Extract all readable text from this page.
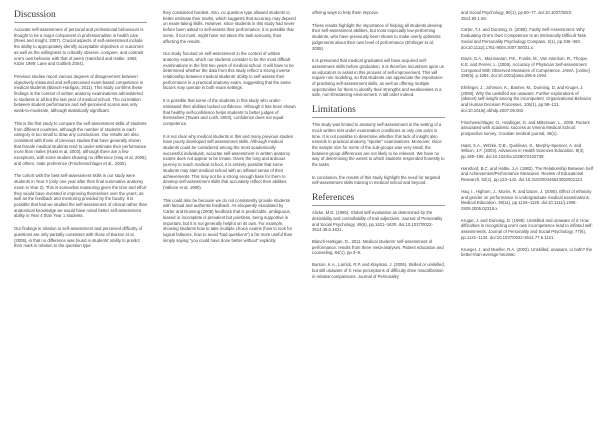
Discussion

Accurate self-assessment of personal and professional behaviours is thought to be a major component in professionalism in health care (Rees and Knight, 2007). Crucial aspects of self-assessment include the ability to appropriately identify acceptable objectives or outcomes as well as the willingness to critically observe, compare, and contrast one’s own behavior with that of peers (Hansford and Hattie, 1982; Kitzie 1989; Lane and Gottlieb 2004).

Previous studies report various degrees of disagreement between objectively measured and self-perceived exam-based competence in medical students (Blanch-Hartigan, 2011). This study confirms these findings in the context of written anatomy examinations administered to students in all but the last year of medical school. The correlation between student performance and self-perceived scores was only weak-to-moderate, although statistically significant.

This is the first study to compare the self-assessment skills of students from different countries, although the number of students in each category is too small to draw any conclusions. Our results are also consistent with those of previous studies that have generally shown that female medical students tend to under-estimate their performance more than males (Haist et al, 2003), although there are a few exceptions, with some studies showing no difference (Haq et al, 2005), and others, male preference (Frischenschlager et al., 2005).

The cohort with the best self-assessment skills in our study were students in Year 3 (only one year after their final summative anatomy exam in Year 2). This is somewhat reassuring given the time and effort they would have invested in improving themselves over the years, as well as the feedback and mentoring provided by the faculty. It is possible that had we studied the self-assessment of clinical rather than anatomical knowledge we would have noted better self-assessment ability in Year 4 than Year 1 students.

Our findings in relation to self-assessment and perceived difficulty of questions are only partially consistent with those of Burson et al. (2006), in that no difference was found in students’ ability to predict their mark in relation to the question type

they considered hardest. Also, no question type allowed students to better estimate their marks, which suggests that accuracy may depend on exam-taking skills. However, since students in this study had never before been asked to self-assess their performance, it is possible that some, if not most, might have not taken the task seriously, thus affecting the results.

Our study focused on self-assessment in the context of written anatomy exams, which our students consider to be the most difficult examinations in the first two years of medical school. It will have to be determined whether the data from this study reflect a strong inverse relationship between medical students’ ability to self-assess their performance in a practical anatomy exam, suggesting that the same factors may operate in both exam settings.

It is possible that some of the students in this study who under-estimated their abilities lacked confidence. Although it has been shown that healthy self-confidence helps students to better judges of themselves (Tavani and Losh, 2003), confidence does not equal competence.

It is not clear why medical students in this and many previous studies have poorly developed self-assessment skills. Although medical students could be considered among the most academically successful individuals, accurate self-assessment in written anatomy exams does not appear to be innate. Given the long and arduous journey to reach medical school, it is entirely possible that some students may start medical school with an inflated sense of their achievements. This may not be a strong enough base for them to develop self-assessment skills that accurately reflect their abilities (Vallone et al, 1990).

This could also be because we do not consistently provide students with factual and authentic feedback. As eloquently elucidated by Carter and Dunning (2008) feedback that is predictable, ambiguous, biased or incomplete is prevalent but pointless, being supportive is important, but it is not generally helpful on its own. For example, showing students how to take multiple choice exams (how to look for logical fallacies, how to avoid “bad questions”) a far more useful than simply saying “you could have done better without” explicitly

offering ways to help them improve.

These results highlight the importance of helping all students develop their self-assessment abilities, but most especially low-performing students, who have previously been shown to make overly optimistic judgements about their own level of performance (Ehrlinger et al, 2008).

It is presumed that medical graduates will have acquired self-assessment skills before graduation. It is therefore incumbent upon us as educators to assist in this process of self-improvement. This will require role modeling, so that students can appreciate the importance of practising self-assessment skills, as well as offering multiple opportunities for them to identify their strengths and weaknesses in a safe, non-threatening environment. A tall order indeed.

Limitations

This study was limited to anatomy self-assessment in the setting of a mock written test under examination conditions at only one point in time. It is not possible to determine whether this lack of insight also extends to practical anatomy “spotter” examinations. Moreover, since the sample size for some of the sub-groups was very small, the between-group differences are not likely to be relevant. We have no way of determining the extent to which students responded honestly to the tasks.

In conclusion, the results of this study highlight the need for targeted self-assessment skills training in medical school and beyond.

References

Alicke, M.D. (1985). Global self-evaluation as determined by the desirability and controllability of trait adjectives. Journal of Personality and Social Psychology, 49(6), pp.1621–1630. doi:10.1037/0022-3514.49.6.1621.

Blanch-Hartigan, D., 2011. Medical students’ self-assessment of performance: results from three meta-analyses. Patient education and counseling, 84(1), pp.3–9.

Burson, K.A., Larrick, R.P. and Klayman, J. (2006). Skilled or unskilled, but still unaware of it: How perceptions of difficulty drive miscalibration in relative comparisons. Journal of Personality

and Social Psychology, 90(1), pp.60–77. doi:10.1037/0022-3514.90.1.60.

Carter, T.J. and Dunning, D. (2008). Faulty Self-Assessment: Why Evaluating One’s Own Competence Is an Intrinsically Difficult Task. Social and Personality Psychology Compass, 2(1), pp.346–360. doi:10.1111/j.1751-9004.2007.00031.x.

Davis, D.A., Mazmanian, P.E., Fordis, M., Van Harrison, R., Thorpe, K.E. and Perrier, L. (2006). Accuracy of Physician Self-assessment Compared With Observed Measures of Competence. JAMA, [online] 296(9), p.1094. doi:10.1001/jama.296.9.1094.

Ehrlinger, J., Johnson, K., Banner, M., Dunning, D. and Kruger, J. (2008). Why the unskilled are unaware: Further explorations of (absent) self-insight among the incompetent. Organizational Behavior and Human Decision Processes, 105(1), pp.98–121. doi:10.1016/j.obhdp.2007.05.002.

Frischenschlager, O., Haidinger, G. and Mitterauer, L., 2005. Factors associated with academic success at Vienna Medical School: prospective survey. Croatian medical journal, 46(1).

Haist, S.A., Witzke, D.B., Quinlivan, S., Murphy-Spencer, A. and Wilson, J.F. (2003). Advances in Health Sciences Education, 8(3), pp.189–199. doi:10.1023/a:1026072102739.

Hansford, B.C. and Hattie, J.A. (1982). The Relationship Between Self and Achievement/Performance Measures. Review of Educational Research, 52(1), pp.123–142. doi:10.3102/00346543052001123.

Haq, I., Higham, J., Morris, R. and Dacre, J. (2005). Effect of ethnicity and gender on performance in undergraduate medical examinations. Medical Education, 39(11), pp.1126–1128. doi:10.1111/j.1365-2929.2005.02319.x.

Kruger, J. and Dunning, D. (1999). Unskilled and unaware of it: How difficulties in recognizing one’s own incompetence lead to inflated self-assessments. Journal of Personality and Social Psychology, 77(6), pp.1121–1134. doi:10.1037/0022-3514.77.6.1121.

Krueger, J. and Mueller, R.A. (2002). Unskilled, unaware, or both? the better-than-average heuristic
